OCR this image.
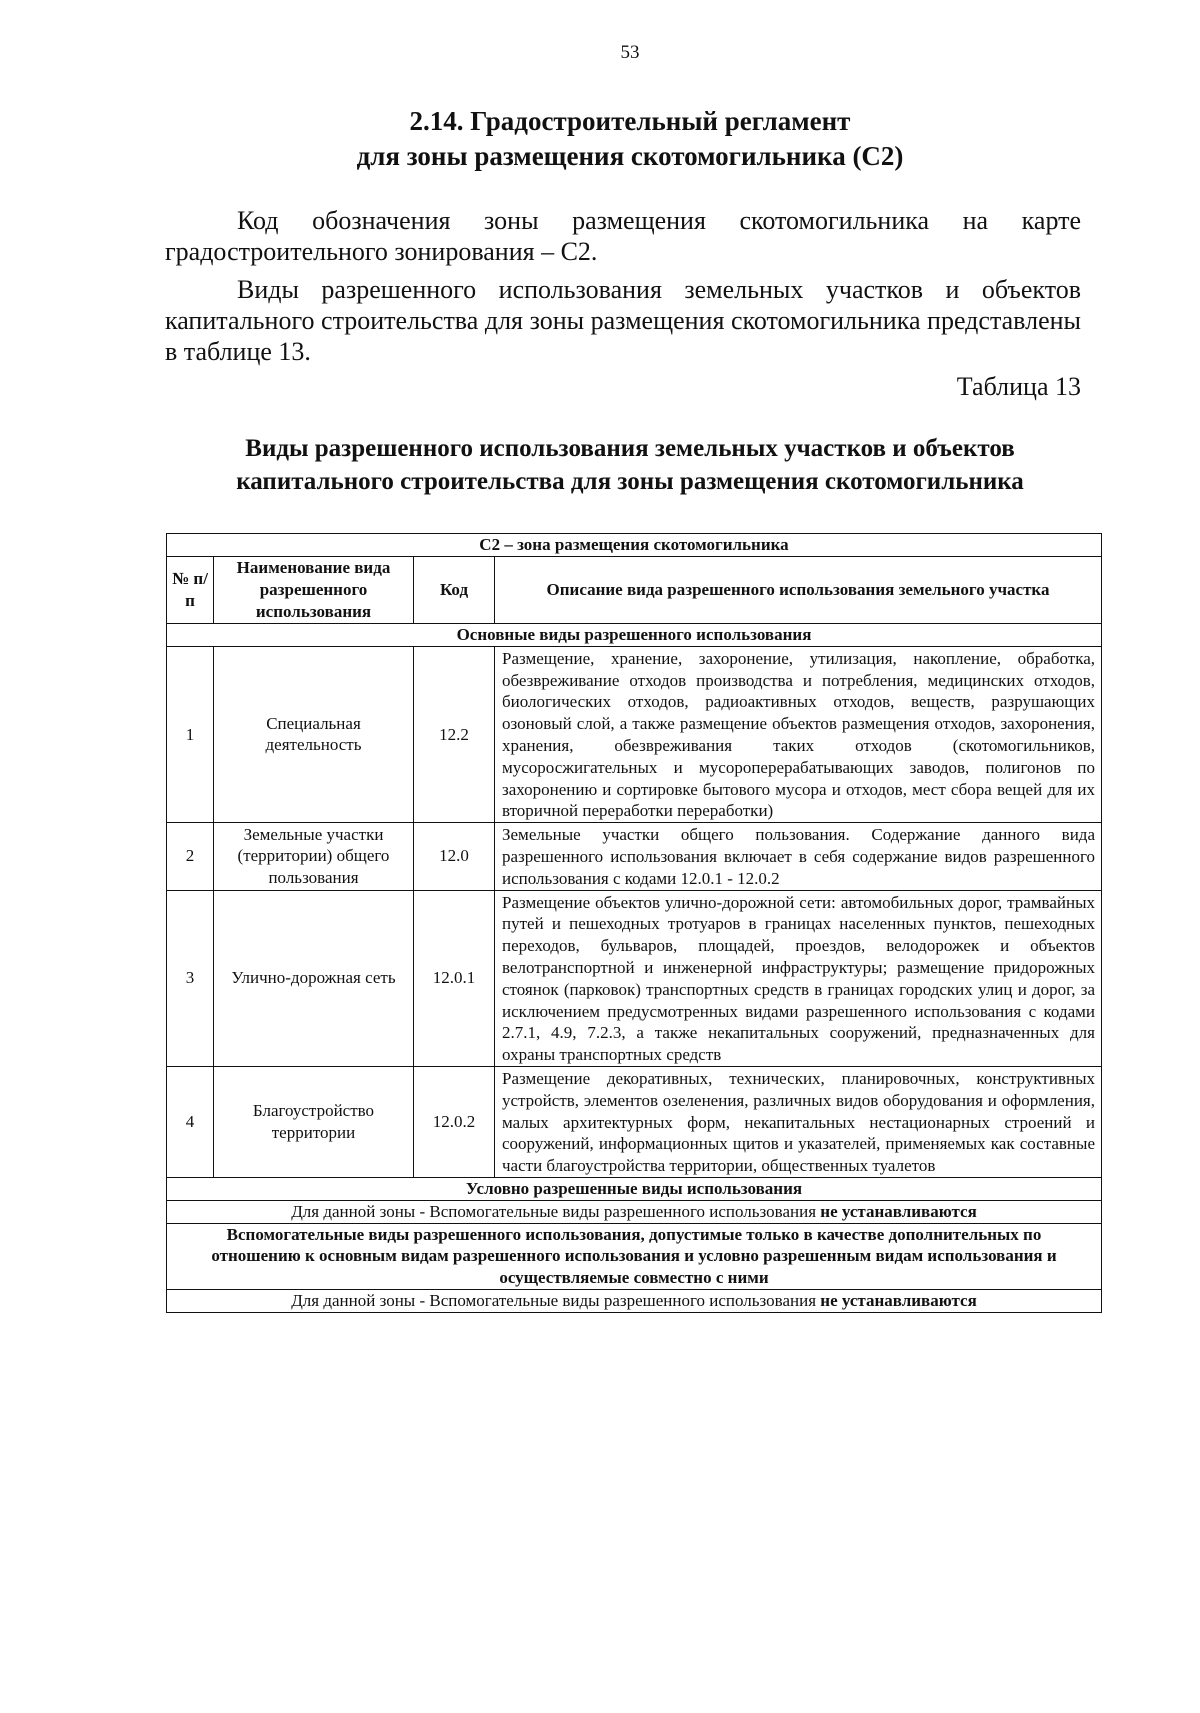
53
2.14. Градостроительный регламент
для зоны размещения скотомогильника (С2)
Код обозначения зоны размещения скотомогильника на карте градостроительного зонирования – С2.
Виды разрешенного использования земельных участков и объектов капитального строительства для зоны размещения скотомогильника представлены в таблице 13.
Таблица 13
Виды разрешенного использования земельных участков и объектов
капитального строительства для зоны размещения скотомогильника
С2 – зона размещения скотомогильника			
№ п/п	Наименование вида разрешенного использования	Код	Описание вида разрешенного использования земельного участка
Основные виды разрешенного использования			
1	Специальная деятельность	12.2	Размещение, хранение, захоронение, утилизация, накопление, обработка, обезвреживание отходов производства и потребления, медицинских отходов, биологических отходов, радиоактивных отходов, веществ, разрушающих озоновый слой, а также размещение объектов размещения отходов, захоронения, хранения, обезвреживания таких отходов (скотомогильников, мусоросжигательных и мусороперерабатывающих заводов, полигонов по захоронению и сортировке бытового мусора и отходов, мест сбора вещей для их вторичной переработки переработки)
2	Земельные участки (территории) общего пользования	12.0	Земельные участки общего пользования. Содержание данного вида разрешенного использования включает в себя содержание видов разрешенного использования с кодами 12.0.1 - 12.0.2
3	Улично-дорожная сеть	12.0.1	Размещение объектов улично-дорожной сети: автомобильных дорог, трамвайных путей и пешеходных тротуаров в границах населенных пунктов, пешеходных переходов, бульваров, площадей, проездов, велодорожек и объектов велотранспортной и инженерной инфраструктуры; размещение придорожных стоянок (парковок) транспортных средств в границах городских улиц и дорог, за исключением предусмотренных видами разрешенного использования с кодами 2.7.1, 4.9, 7.2.3, а также некапитальных сооружений, предназначенных для охраны транспортных средств
4	Благоустройство территории	12.0.2	Размещение декоративных, технических, планировочных, конструктивных устройств, элементов озеленения, различных видов оборудования и оформления, малых архитектурных форм, некапитальных нестационарных строений и сооружений, информационных щитов и указателей, применяемых как составные части благоустройства территории, общественных туалетов
Условно разрешенные виды использования			
Для данной зоны - Вспомогательные виды разрешенного использования не устанавливаются			
Вспомогательные виды разрешенного использования, допустимые только в качестве дополнительных по отношению к основным видам разрешенного использования и условно разрешенным видам использования и осуществляемые совместно с ними			
Для данной зоны - Вспомогательные виды разрешенного использования не устанавливаются			
